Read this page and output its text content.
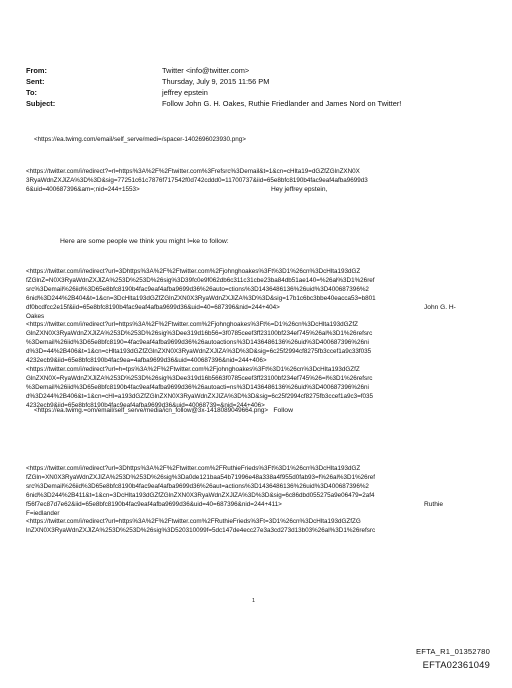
From:	Twitter <info@twitter.com>
Sent:	Thursday, July 9, 2015 11:56 PM
To:	jeffrey epstein
Subject:	Follow John G. H. Oakes, Ruthie Friedlander and James Nord on Twitter!

<https://ea.twimg.com/email/self_serve/medi=/spacer-1402696023930.png>

<https://twitter.com/i/redirect?=rl=https%3A%2F%2Ftwitter.com%3Frefsrc%3Demail&t=1&cn=cHlta19=dGZfZGlnZXN0X

3RyaWdnZXJlZA%3D%3D&sig=77251c61c7876f717542f0d742cddd0=11700737&iid=65e8bfc8190b4fac9eaf4afba9699d3

6&uid=400687396&am=;nid=244+1553>	Hey jeffrey epstein,

Here are some people we think you might l=ke to follow:

<https://twitter.com/i/redirect?url=3Dhttps%3A%2F%2Ftwitter.com%2Fjohnghoakes%3Ft%3D1%26cn%3DcHlta193dGZ

fZGlnZ=N0X3RyaWdnZXJlZA%253D%253D%26sig%3D39fc0e9f062db6c311c31cbe23ba84db51ae140=%26al%3D1%26ref

src%3Demail%26iid%3D65e8bfc8190b4fac9eaf4afba9699d36%26auto=ctions%3D1436486136%26uid%3D400687396%2

6nid%3D244%2B404&t=1&cn=3DcHlta193dGZfZGlnZXN0X3RyaWdnZXJlZA%3D%3D&sig=17b1c6bc3bbe40eacca53=b801

df0bcdfcc2e15f&iid=65e8bfc8190b4fac9eaf4afba9699d36&uid=40=687396&nid=244+404>

Oakes

<https://twitter.com/i/redirect?url=https%3A%2F%2Ftwitter.com%2Fjohnghoakes%3Ft%=D1%26cn%3DcHlta193dGZfZ

GlnZXN0X3RyaWdnZXJlZA%253D%253D%26sig%3Dee319d16b56=3f0785ceef3ff23100bf234ef745%26al%3D1%26refsrc

%3Demail%26iid%3D65e8bfc8190=4fac9eaf4afba9699d36%26autoactions%3D1436486136%26uid%3D400687396%26ni

d%3D=44%2B406&t=1&cn=cHlta193dGZfZGlnZXN0X3RyaWdnZXJlZA%3D%3D&sig=6c25f2994cf8275fb3ccef1a9c33f035

4232ecb9&iid=65e8bfc8190b4fac9ea=4afba9699d36&uid=400687396&nid=244+406>

<https://twitter.com/i/redirect?url=h=tps%3A%2F%2Ftwitter.com%2Fjohnghoakes%3Ft%3D1%26cn%3DcHlta193dGZfZ

GlnZXN0X=RyaWdnZXJlZA%253D%253D%26sig%3Dee319d16b5663f0785ceef3ff23100bf234ef745%26=l%3D1%26refsrc

%3Demail%26iid%3D65e8bfc8190b4fac9eaf4afba9699d36%26autoacti=ns%3D1436486136%26uid%3D400687396%26ni

d%3D244%2B406&t=1&cn=cHl=a193dGZfZGlnZXN0X3RyaWdnZXJlZA%3D%3D&sig=6c25f2994cf8275fb3ccef1a9c3=f035

4232ecb9&iid=65e8bfc8190b4fac9eaf4afba9699d36&uid=40068739=&nid=244+406>

John G. H-

<https://ea.twimg.=om/email/self_serve/media/icn_follow@3x-1418089049664.png> Follow

<https://twitter.com/i/redirect?url=3Dhttps%3A%2F%2Ftwitter.com%2FRuthieFrieds%3Ft%3D1%26cn%3DcHlta193dGZ

fZGln=XN0X3RyaWdnZXJlZA%253D%253D%26sig%3Da0de121baa54b71996e48a338a4f955d0fab93=f%26al%3D1%26ref

src%3Demail%26iid%3D65e8bfc8190b4fac9eaf4afba9699d36%26aut=actions%3D1436486136%26uid%3D400687396%2

6nid%3D244%2B411&t=1&cn=3DcHlta193dGZfZGlnZXN0X3RyaWdnZXJlZA%3D%3D&sig=6c86dbd055275a9e06479=2af4

f56f7ec87d7e62&iid=65e8bfc8190b4fac9eaf4afba9699d36&uid=40=687396&nid=244+411>

F=iedlander

<https://twitter.com/i/redirect?url=https%3A%2F%2Ftwitter.com%2FRuthieFrieds%3Ft=3D1%26cn%3DcHlta193dGZfZG

lnZXN0X3RyaWdnZXJlZA%253D%253D%26sig%3D520310099f=5dc147de4ecc27e3a3cd273d13b03%26al%3D1%26refsrc

Ruthie
1
EFTA_R1_01352780
EFTA02361049
